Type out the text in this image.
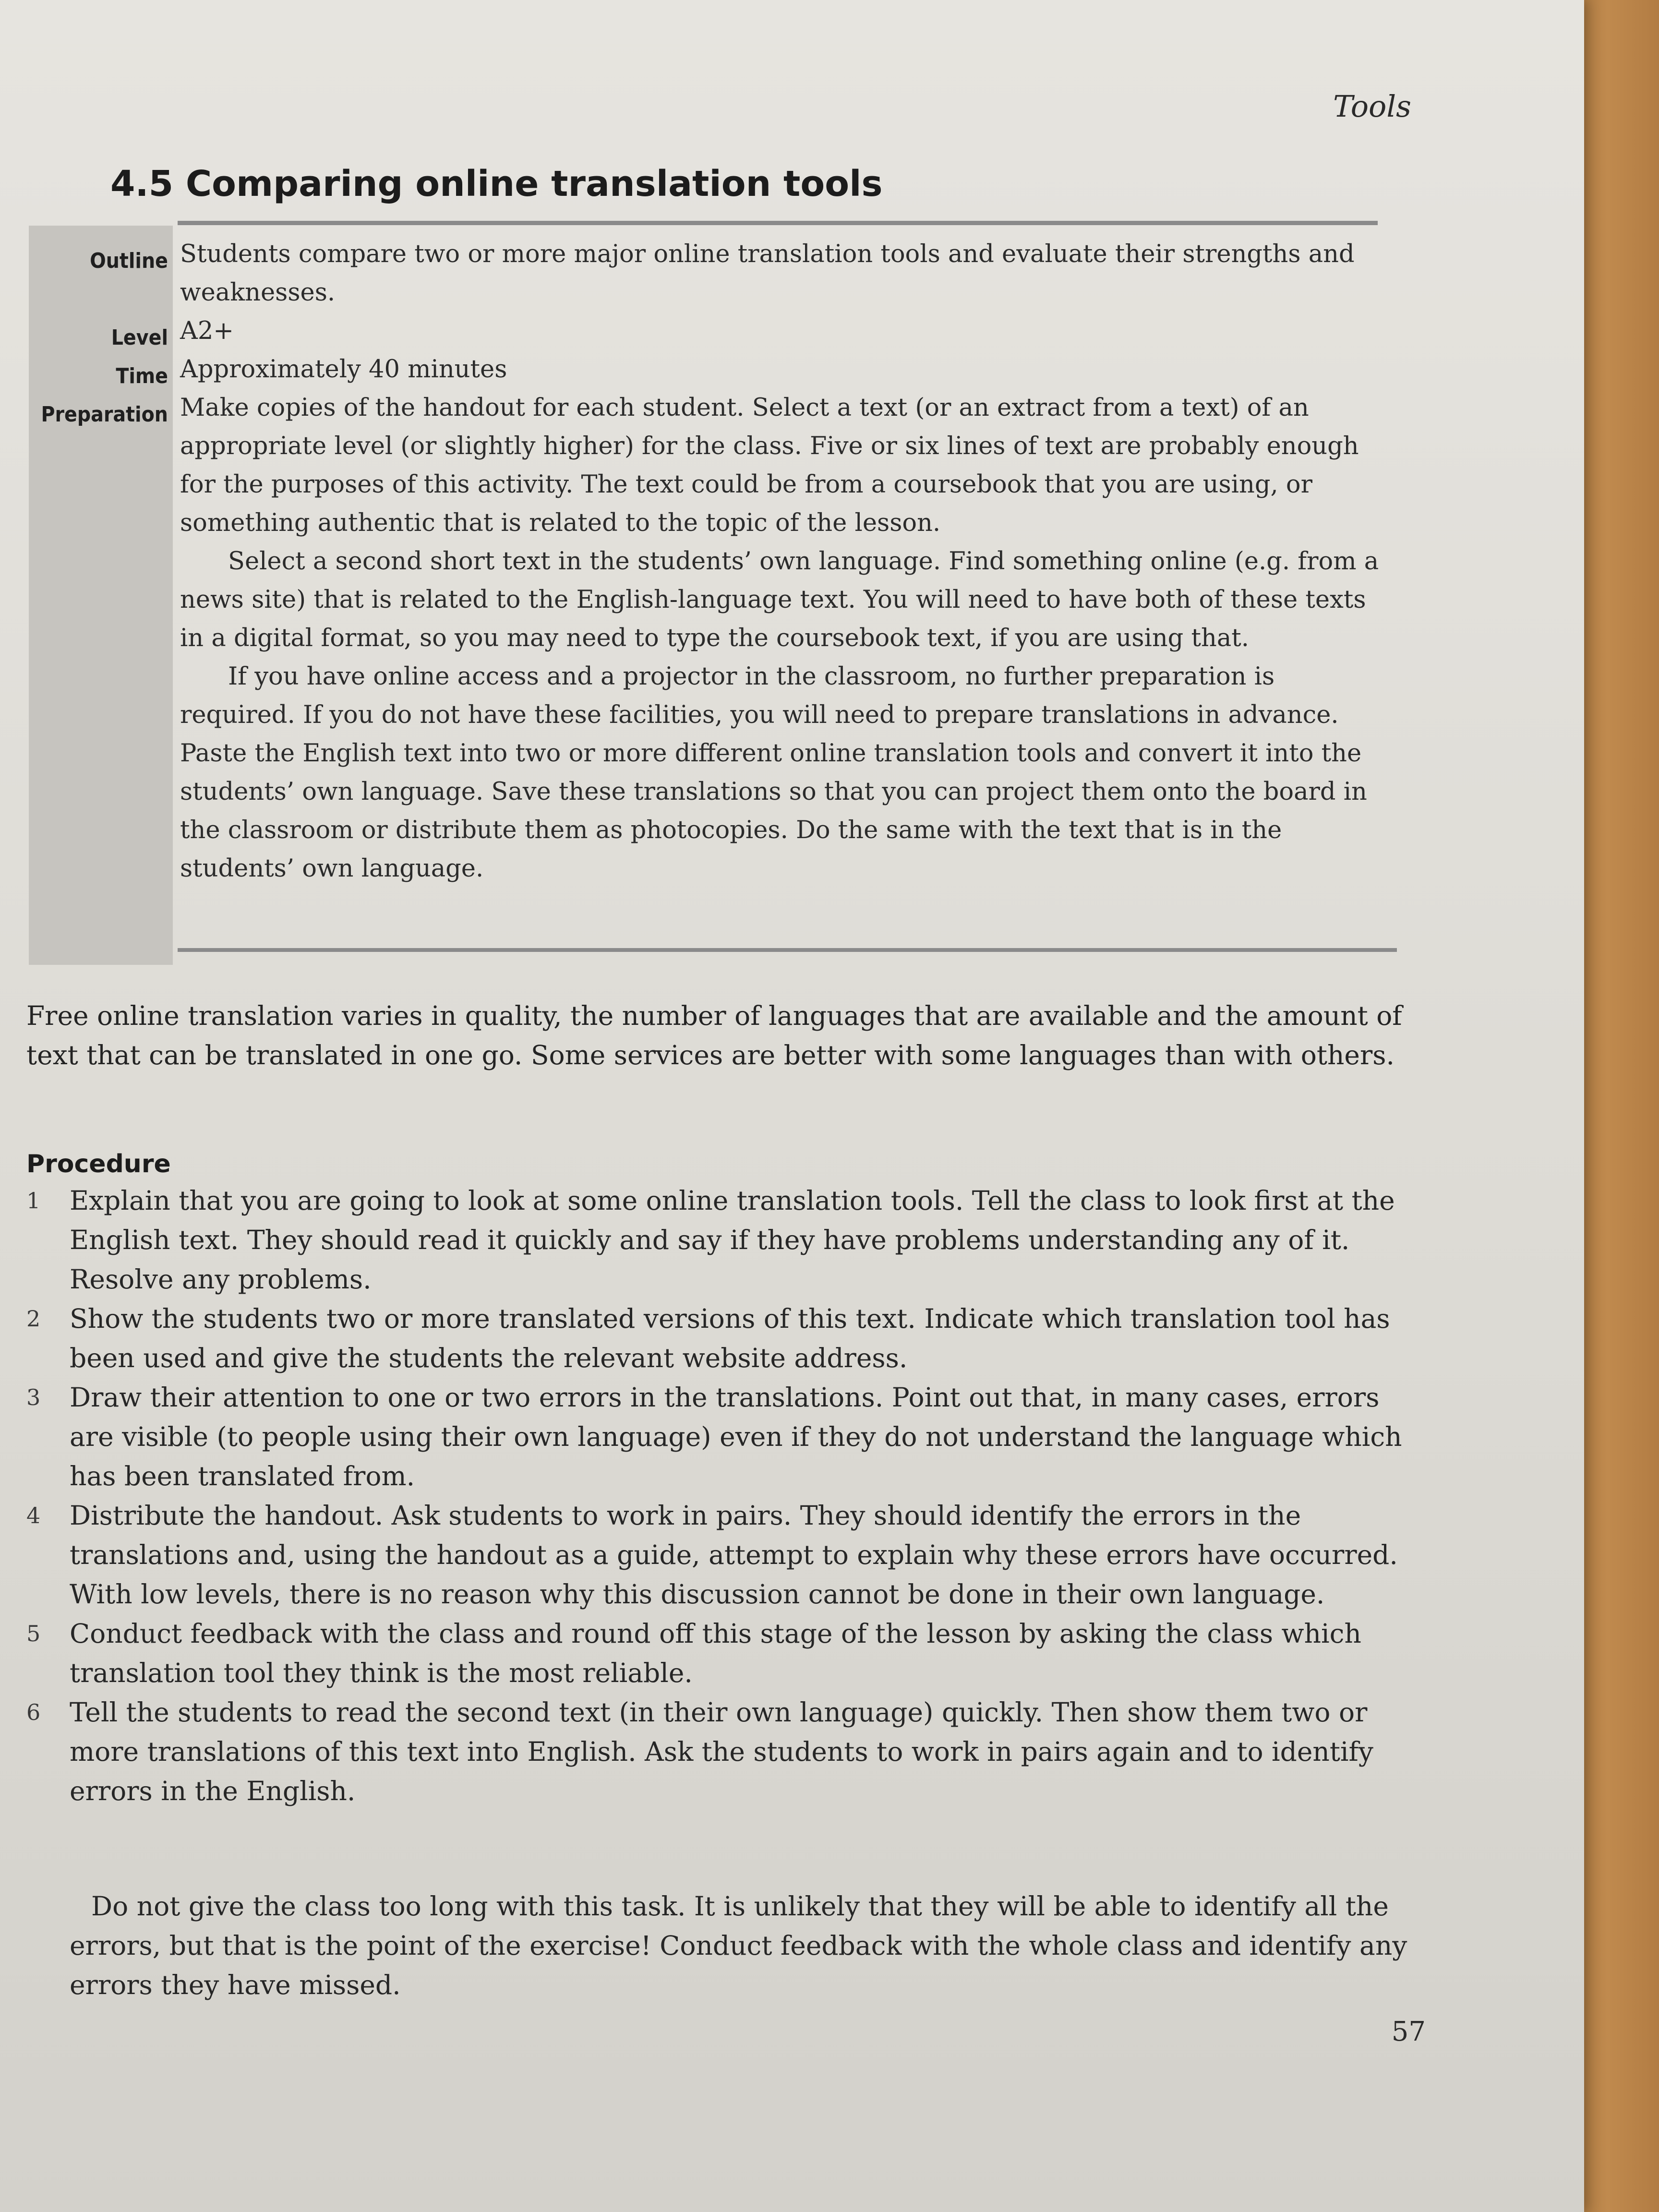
Tools
4.5 Comparing online translation tools
Outline Students compare two or more major online translation tools and evaluate their strengths and weaknesses.

Level A2+

Time Approximately 40 minutes

Preparation Make copies of the handout for each student. Select a text (or an extract from a text) of an appropriate level (or slightly higher) for the class. Five or six lines of text are probably enough for the purposes of this activity. The text could be from a coursebook that you are using, or something authentic that is related to the topic of the lesson.

Select a second short text in the students’ own language. Find something online (e.g. from a news site) that is related to the English-language text. You will need to have both of these texts in a digital format, so you may need to type the coursebook text, if you are using that.

If you have online access and a projector in the classroom, no further preparation is required. If you do not have these facilities, you will need to prepare translations in advance. Paste the English text into two or more different online translation tools and convert it into the students’ own language. Save these translations so that you can project them onto the board in the classroom or distribute them as photocopies. Do the same with the text that is in the students’ own language.

Free online translation varies in quality, the number of languages that are available and the amount of text that can be translated in one go. Some services are better with some languages than with others.
Procedure
1	Explain that you are going to look at some online translation tools. Tell the class to look first at the English text. They should read it quickly and say if they have problems understanding any of it. Resolve any problems.
2	Show the students two or more translated versions of this text. Indicate which translation tool has been used and give the students the relevant website address.
3	Draw their attention to one or two errors in the translations. Point out that, in many cases, errors are visible (to people using their own language) even if they do not understand the language which has been translated from.
4	Distribute the handout. Ask students to work in pairs. They should identify the errors in the translations and, using the handout as a guide, attempt to explain why these errors have occurred. With low levels, there is no reason why this discussion cannot be done in their own language.
5	Conduct feedback with the class and round off this stage of the lesson by asking the class which translation tool they think is the most reliable.
6	Tell the students to read the second text (in their own language) quickly. Then show them two or more translations of this text into English. Ask the students to work in pairs again and to identify errors in the English.
Do not give the class too long with this task. It is unlikely that they will be able to identify all the errors, but that is the point of the exercise! Conduct feedback with the whole class and identify any errors they have missed.
57
